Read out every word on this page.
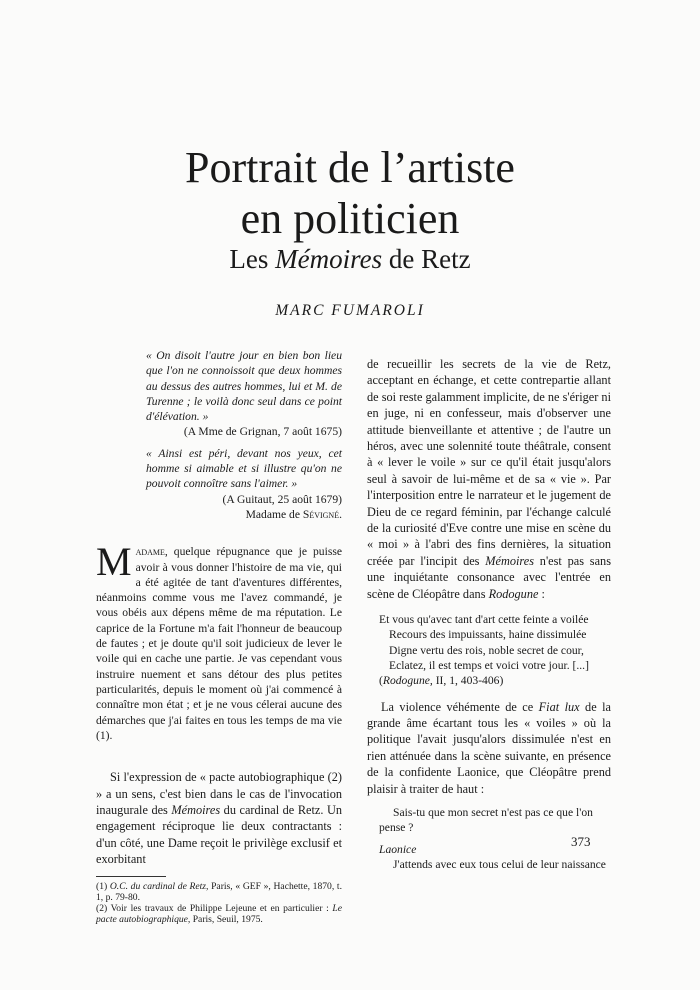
Portrait de l’artiste
en politicien
Les Mémoires de Retz
MARC FUMAROLI

« On disoit l'autre jour en bien bon lieu que l'on ne connoissoit que deux hommes au dessus des autres hommes, lui et M. de Turenne ; le voilà donc seul dans ce point d'élévation. »

(A Mme de Grignan, 7 août 1675)

« Ainsi est péri, devant nos yeux, cet homme si aimable et si illustre qu'on ne pouvoit connoître sans l'aimer. »

(A Guitaut, 25 août 1679)

Madame de Sévigné.

Madame, quelque répugnance que je puisse avoir à vous donner l'histoire de ma vie, qui a été agitée de tant d'aventures différentes, néanmoins comme vous me l'avez commandé, je vous obéis aux dépens même de ma réputation. Le caprice de la Fortune m'a fait l'honneur de beaucoup de fautes ; et je doute qu'il soit judicieux de lever le voile qui en cache une partie. Je vas cependant vous instruire nuement et sans détour des plus petites particularités, depuis le moment où j'ai commencé à connaître mon état ; et je ne vous célerai aucune des démarches que j'ai faites en tous les temps de ma vie (1).

Si l'expression de « pacte autobiographique (2) » a un sens, c'est bien dans le cas de l'invocation inaugurale des Mémoires du cardinal de Retz. Un engagement réciproque lie deux contractants : d'un côté, une Dame reçoit le privilège exclusif et exorbitant

(1) O.C. du cardinal de Retz, Paris, « GEF », Hachette, 1870, t. 1, p. 79-80.

(2) Voir les travaux de Philippe Lejeune et en particulier : Le pacte autobiographique, Paris, Seuil, 1975.

de recueillir les secrets de la vie de Retz, acceptant en échange, et cette contrepartie allant de soi reste galamment implicite, de ne s'ériger ni en juge, ni en confesseur, mais d'observer une attitude bienveillante et attentive ; de l'autre un héros, avec une solennité toute théâtrale, consent à « lever le voile » sur ce qu'il était jusqu'alors seul à savoir de lui-même et de sa « vie ». Par l'interposition entre le narrateur et le jugement de Dieu de ce regard féminin, par l'échange calculé de la curiosité d'Eve contre une mise en scène du « moi » à l'abri des fins dernières, la situation créée par l'incipit des Mémoires n'est pas sans une inquiétante consonance avec l'entrée en scène de Cléopâtre dans Rodogune :

Et vous qu'avec tant d'art cette feinte a voilée

Recours des impuissants, haine dissimulée

Digne vertu des rois, noble secret de cour,

Eclatez, il est temps et voici votre jour. [...]

(Rodogune, II, 1, 403-406)

La violence véhémente de ce Fiat lux de la grande âme écartant tous les « voiles » où la politique l'avait jusqu'alors dissimulée n'est en rien atténuée dans la scène suivante, en présence de la confidente Laonice, que Cléopâtre prend plaisir à traiter de haut :

Sais-tu que mon secret n'est pas ce que l'on pense ?

Laonice

J'attends avec eux tous celui de leur naissance

373
